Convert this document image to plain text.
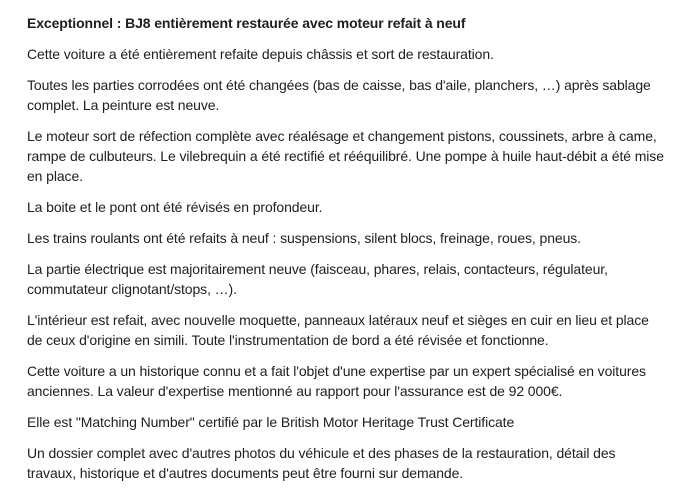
Exceptionnel : BJ8 entièrement restaurée avec moteur refait à neuf

Cette voiture a été entièrement refaite depuis châssis et sort de restauration.

Toutes les parties corrodées ont été changées (bas de caisse, bas d'aile, planchers, …) après sablage complet. La peinture est neuve.

Le moteur sort de réfection complète avec réalésage et changement pistons, coussinets, arbre à came, rampe de culbuteurs. Le vilebrequin a été rectifié et rééquilibré. Une pompe à huile haut-débit a été mise en place.

La boite et le pont ont été révisés en profondeur.

Les trains roulants ont été refaits à neuf : suspensions, silent blocs, freinage, roues, pneus.

La partie électrique est majoritairement neuve (faisceau, phares, relais, contacteurs, régulateur, commutateur clignotant/stops, …).

L'intérieur est refait, avec nouvelle moquette, panneaux latéraux neuf et sièges en cuir en lieu et place de ceux d'origine en simili. Toute l'instrumentation de bord a été révisée et fonctionne.

Cette voiture a un historique connu et a fait l'objet d'une expertise par un expert spécialisé en voitures anciennes. La valeur d'expertise mentionné au rapport pour l'assurance est de 92 000€.

Elle est "Matching Number" certifié par le British Motor Heritage Trust Certificate

Un dossier complet avec d'autres photos du véhicule et des phases de la restauration, détail des travaux, historique et d'autres documents peut être fourni sur demande.
